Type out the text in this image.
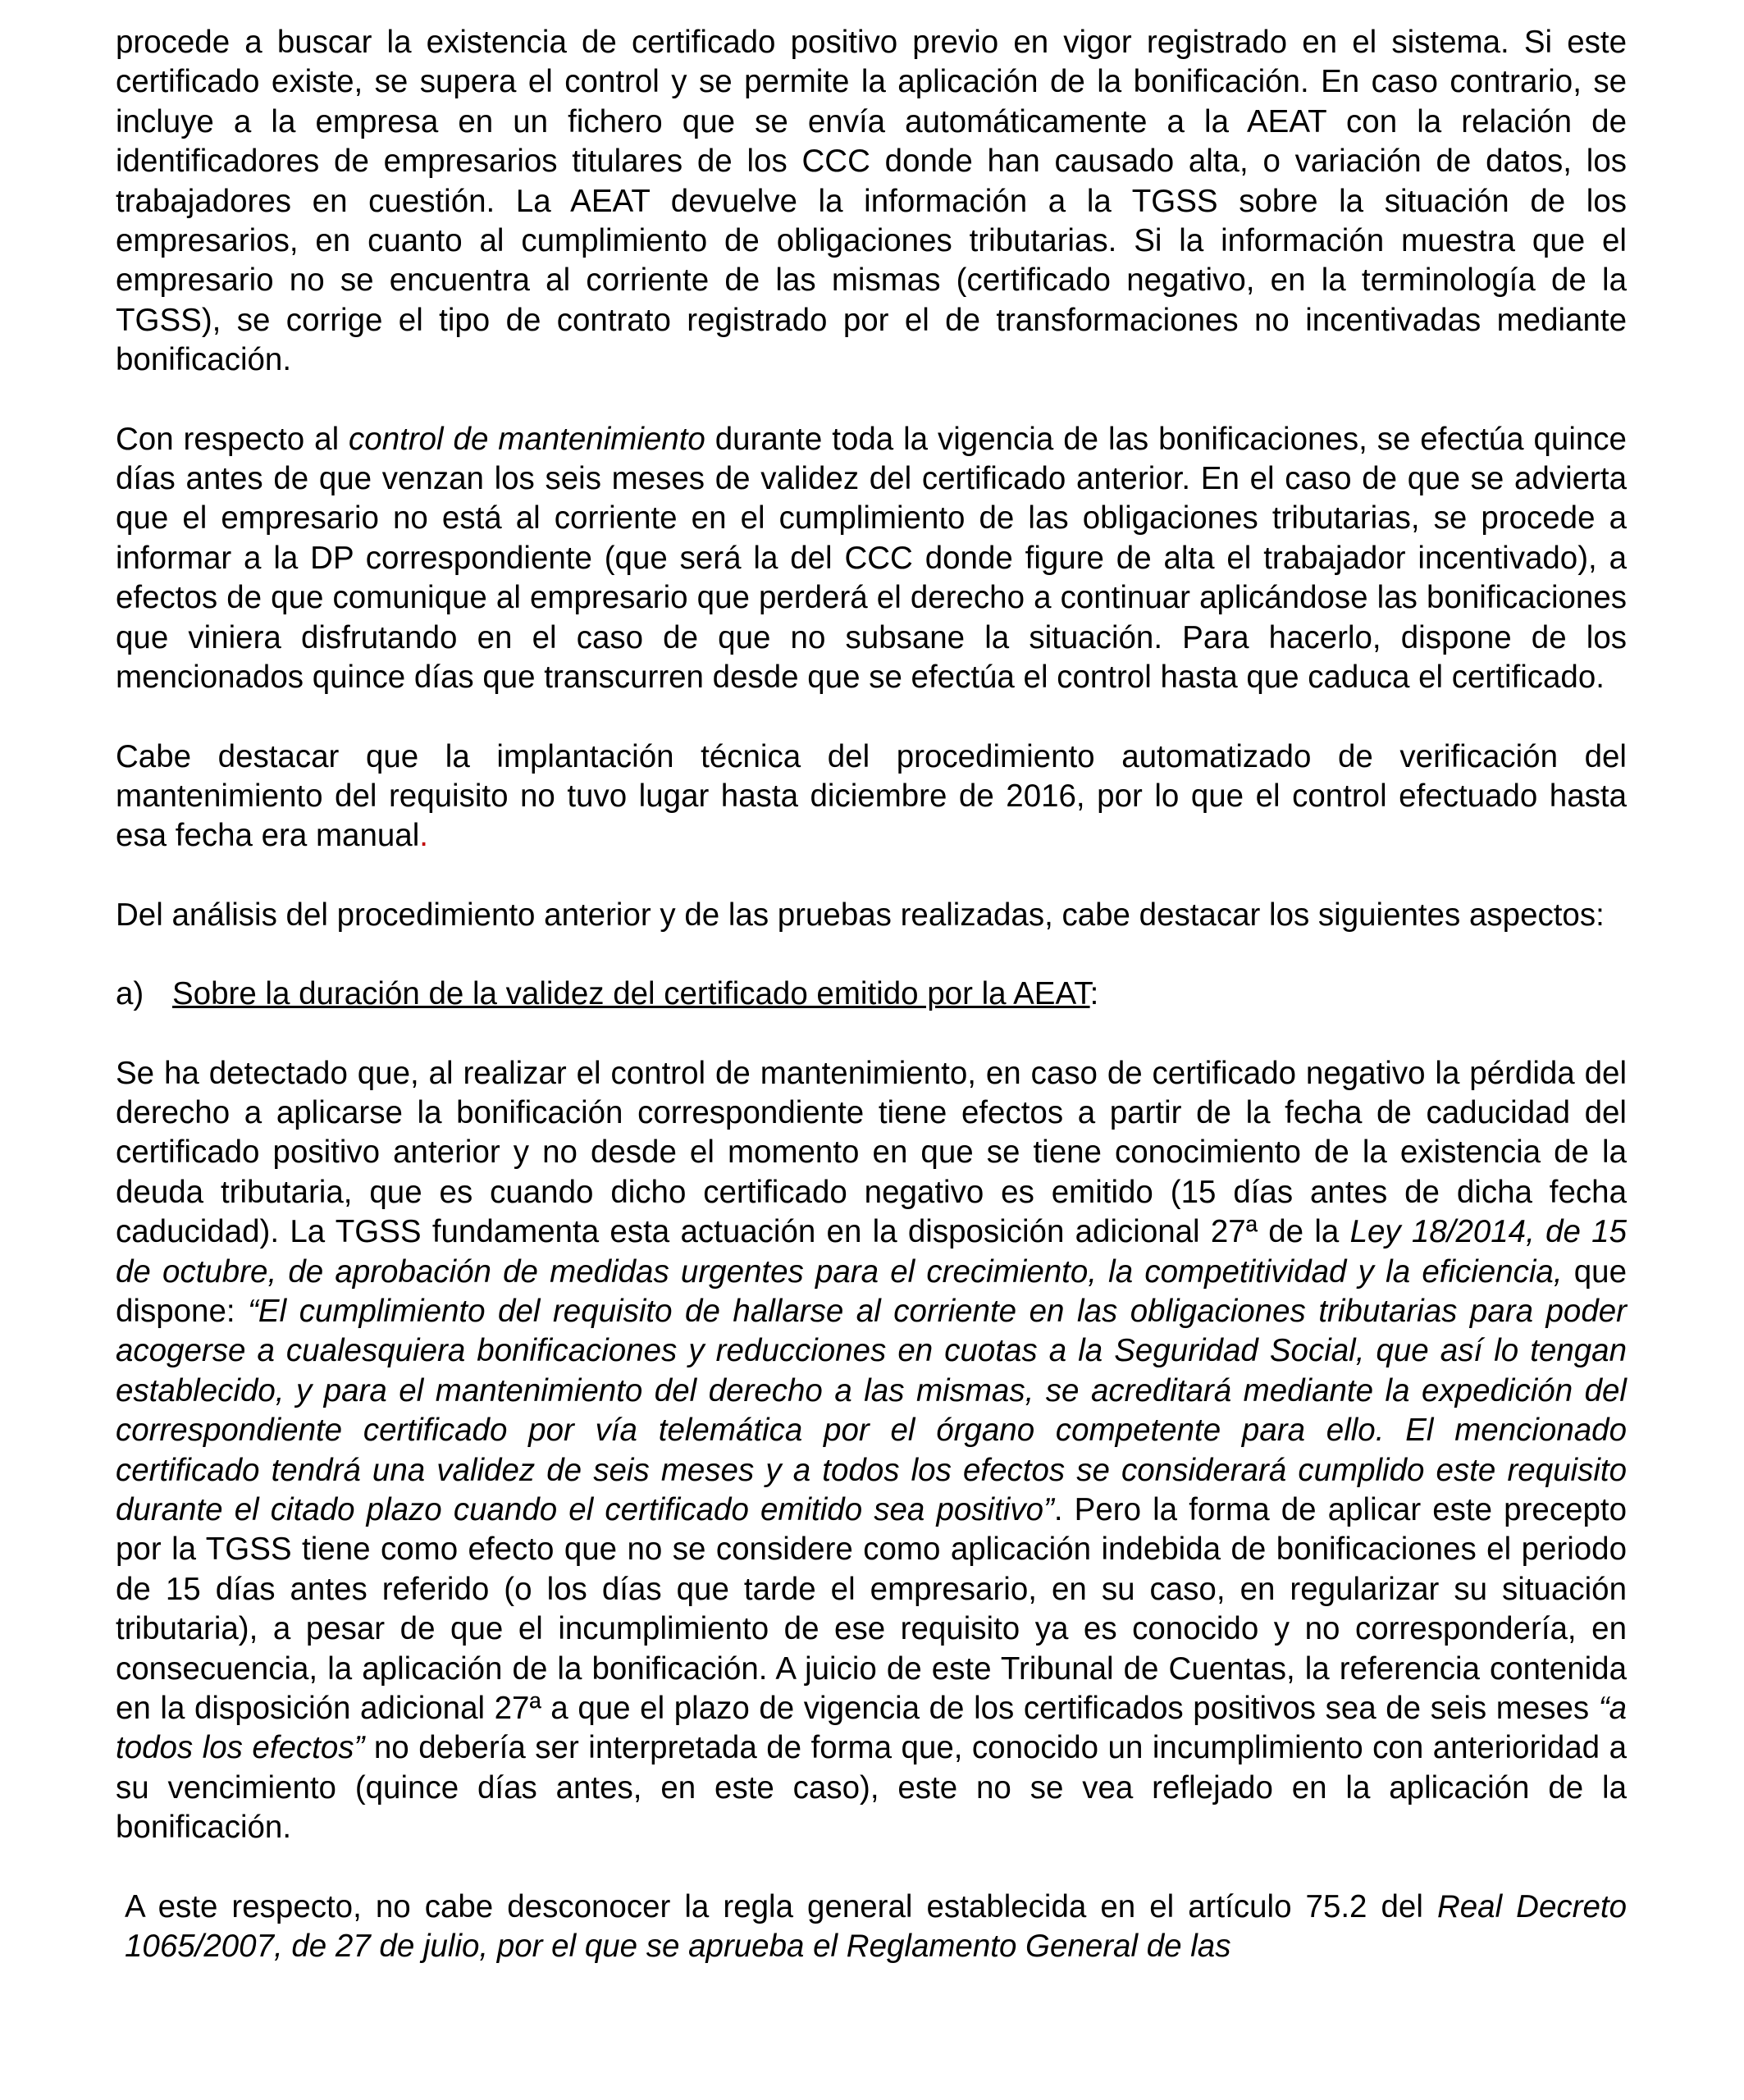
procede a buscar la existencia de certificado positivo previo en vigor registrado en el sistema. Si este certificado existe, se supera el control y se permite la aplicación de la bonificación. En caso contrario, se incluye a la empresa en un fichero que se envía automáticamente a la AEAT con la relación de identificadores de empresarios titulares de los CCC donde han causado alta, o variación de datos, los trabajadores en cuestión. La AEAT devuelve la información a la TGSS sobre la situación de los empresarios, en cuanto al cumplimiento de obligaciones tributarias. Si la información muestra que el empresario no se encuentra al corriente de las mismas (certificado negativo, en la terminología de la TGSS), se corrige el tipo de contrato registrado por el de transformaciones no incentivadas mediante bonificación.

Con respecto al control de mantenimiento durante toda la vigencia de las bonificaciones, se efectúa quince días antes de que venzan los seis meses de validez del certificado anterior. En el caso de que se advierta que el empresario no está al corriente en el cumplimiento de las obligaciones tributarias, se procede a informar a la DP correspondiente (que será la del CCC donde figure de alta el trabajador incentivado), a efectos de que comunique al empresario que perderá el derecho a continuar aplicándose las bonificaciones que viniera disfrutando en el caso de que no subsane la situación. Para hacerlo, dispone de los mencionados quince días que transcurren desde que se efectúa el control hasta que caduca el certificado.

Cabe destacar que la implantación técnica del procedimiento automatizado de verificación del mantenimiento del requisito no tuvo lugar hasta diciembre de 2016, por lo que el control efectuado hasta esa fecha era manual.

Del análisis del procedimiento anterior y de las pruebas realizadas, cabe destacar los siguientes aspectos:

a) Sobre la duración de la validez del certificado emitido por la AEAT:

Se ha detectado que, al realizar el control de mantenimiento, en caso de certificado negativo la pérdida del derecho a aplicarse la bonificación correspondiente tiene efectos a partir de la fecha de caducidad del certificado positivo anterior y no desde el momento en que se tiene conocimiento de la existencia de la deuda tributaria, que es cuando dicho certificado negativo es emitido (15 días antes de dicha fecha caducidad). La TGSS fundamenta esta actuación en la disposición adicional 27ª de la Ley 18/2014, de 15 de octubre, de aprobación de medidas urgentes para el crecimiento, la competitividad y la eficiencia, que dispone: “El cumplimiento del requisito de hallarse al corriente en las obligaciones tributarias para poder acogerse a cualesquiera bonificaciones y reducciones en cuotas a la Seguridad Social, que así lo tengan establecido, y para el mantenimiento del derecho a las mismas, se acreditará mediante la expedición del correspondiente certificado por vía telemática por el órgano competente para ello. El mencionado certificado tendrá una validez de seis meses y a todos los efectos se considerará cumplido este requisito durante el citado plazo cuando el certificado emitido sea positivo”. Pero la forma de aplicar este precepto por la TGSS tiene como efecto que no se considere como aplicación indebida de bonificaciones el periodo de 15 días antes referido (o los días que tarde el empresario, en su caso, en regularizar su situación tributaria), a pesar de que el incumplimiento de ese requisito ya es conocido y no correspondería, en consecuencia, la aplicación de la bonificación. A juicio de este Tribunal de Cuentas, la referencia contenida en la disposición adicional 27ª a que el plazo de vigencia de los certificados positivos sea de seis meses “a todos los efectos” no debería ser interpretada de forma que, conocido un incumplimiento con anterioridad a su vencimiento (quince días antes, en este caso), este no se vea reflejado en la aplicación de la bonificación.

A este respecto, no cabe desconocer la regla general establecida en el artículo 75.2 del Real Decreto 1065/2007, de 27 de julio, por el que se aprueba el Reglamento General de las
